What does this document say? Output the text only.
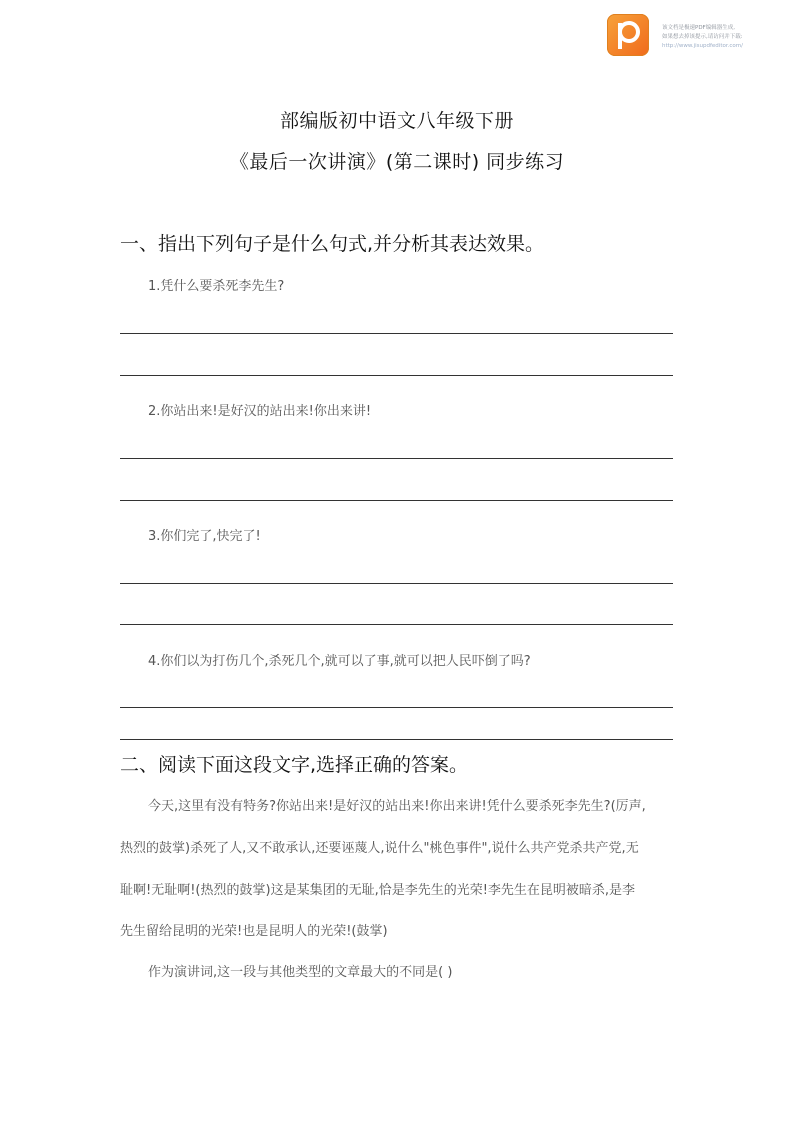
该文档是极速PDF编辑器生成,
如果想去掉该提示,请访问并下载:
http://www.jisupdfeditor.com/
部编版初中语文八年级下册
《最后一次讲演》(第二课时) 同步练习
一、指出下列句子是什么句式,并分析其表达效果。
1.凭什么要杀死李先生?
2.你站出来!是好汉的站出来!你出来讲!
3.你们完了,快完了!
4.你们以为打伤几个,杀死几个,就可以了事,就可以把人民吓倒了吗?
二、阅读下面这段文字,选择正确的答案。
今天,这里有没有特务?你站出来!是好汉的站出来!你出来讲!凭什么要杀死李先生?(厉声,
热烈的鼓掌)杀死了人,又不敢承认,还要诬蔑人,说什么"桃色事件",说什么共产党杀共产党,无
耻啊!无耻啊!(热烈的鼓掌)这是某集团的无耻,恰是李先生的光荣!李先生在昆明被暗杀,是李
先生留给昆明的光荣!也是昆明人的光荣!(鼓掌)
作为演讲词,这一段与其他类型的文章最大的不同是( )
